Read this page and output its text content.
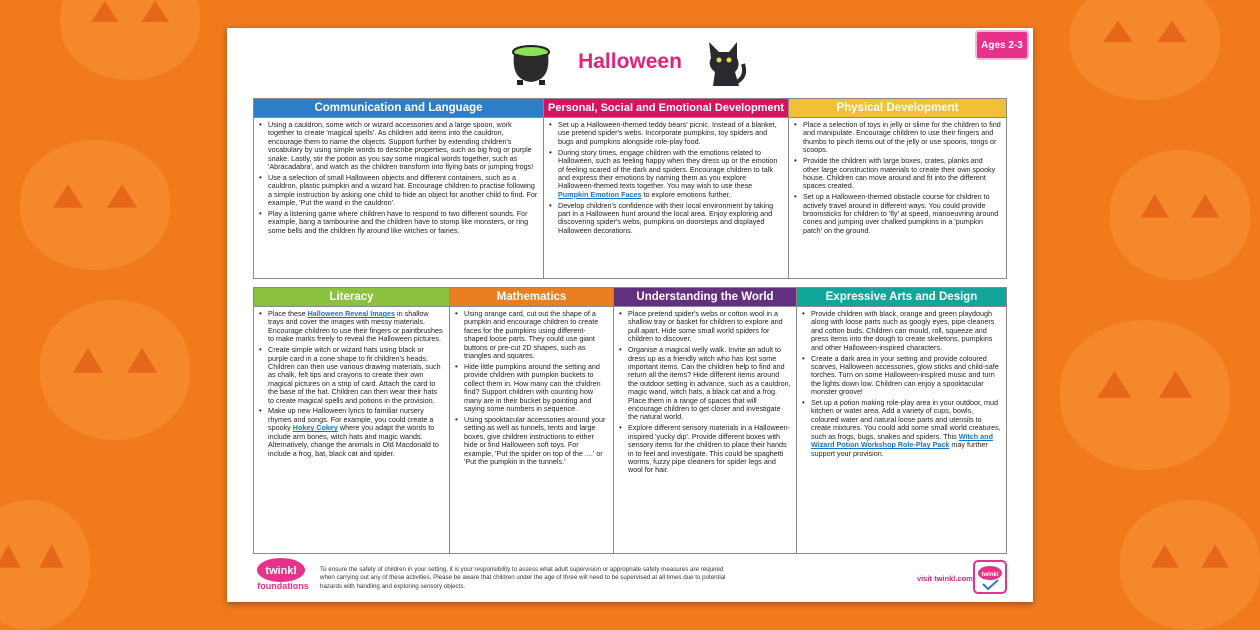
Halloween
Ages 2-3
Communication and Language
• Using a cauldron, some witch or wizard accessories and a large spoon, work together to create 'magical spells'. As children add items into the cauldron, encourage them to name the objects. Support further by extending children's vocabulary by using simple words to describe properties, such as big frog or purple snake. Lastly, stir the potion as you say some magical words together, such as 'Abracadabra', and watch as the children transform into flying bats or jumping frogs!
• Use a selection of small Halloween objects and different containers, such as a cauldron, plastic pumpkin and a wizard hat. Encourage children to practise following a simple instruction by asking one child to hide an object for another child to find. For example, 'Put the wand in the cauldron'.
• Play a listening game where children have to respond to two different sounds. For example, bang a tambourine and the children have to stomp like monsters, or ring some bells and the children fly around like witches or fairies.
Personal, Social and Emotional Development
• Set up a Halloween-themed teddy bears' picnic. Instead of a blanket, use pretend spider's webs. Incorporate pumpkins, toy spiders and bugs and pumpkins alongside role-play food.
• During story times, engage children with the emotions related to Halloween, such as feeling happy when they dress up or the emotion of feeling scared of the dark and spiders. Encourage children to talk and express their emotions by naming them as you explore Halloween-themed texts together. You may wish to use these Pumpkin Emotion Faces to explore emotions further.
• Develop children's confidence with their local environment by taking part in a Halloween hunt around the local area. Enjoy exploring and discovering spider's webs, pumpkins on doorsteps and displayed Halloween decorations.
Physical Development
• Place a selection of toys in jelly or slime for the children to find and manipulate. Encourage children to use their fingers and thumbs to pinch items out of the jelly or use spoons, tongs or scoops.
• Provide the children with large boxes, crates, planks and other large construction materials to create their own spooky house. Children can move around and fit into the different spaces created.
• Set up a Halloween-themed obstacle course for children to actively travel around in different ways. You could provide broomsticks for children to 'fly' at speed, manoeuvring around cones and jumping over chalked pumpkins in a 'pumpkin patch' on the ground.
Literacy
• Place these Halloween Reveal Images in shallow trays and cover the images with messy materials. Encourage children to use their fingers or paintbrushes to make marks freely to reveal the Halloween pictures.
• Create simple witch or wizard hats using black or purple card in a cone shape to fit children's heads. Children can then use various drawing materials, such as chalk, felt tips and crayons to create their own magical pictures on a strip of card. Attach the card to the base of the hat. Children can then wear their hats to create magical spells and potions in the provision.
• Make up new Halloween lyrics to familiar nursery rhymes and songs. For example, you could create a spooky Hokey Cokey where you adapt the words to include arm bones, witch hats and magic wands. Alternatively, change the animals in Old Macdonald to include a frog, bat, black cat and spider.
Mathematics
• Using orange card, cut out the shape of a pumpkin and encourage children to create faces for the pumpkins using different-shaped loose parts. They could use giant buttons or pre-cut 2D shapes, such as triangles and squares.
• Hide little pumpkins around the setting and provide children with pumpkin buckets to collect them in. How many can the children find? Support children with counting how many are in their bucket by pointing and saying some numbers in sequence.
• Using spooktacular accessories around your setting as well as tunnels, tents and large boxes, give children instructions to either hide or find Halloween soft toys. For example, 'Put the spider on top of the ....' or 'Put the pumpkin in the tunnels.'
Understanding the World
• Place pretend spider's webs or cotton wool in a shallow tray or basket for children to explore and pull apart. Hide some small world spiders for children to discover.
• Organise a magical welly walk. Invite an adult to dress up as a friendly witch who has lost some important items. Can the children help to find and return all the items? Hide different items around the outdoor setting in advance, such as a cauldron, magic wand, witch hats, a black cat and a frog. Place them in a range of spaces that will encourage children to get closer and investigate the natural world.
• Explore different sensory materials in a Halloween-inspired 'yucky dip'. Provide different boxes with sensory items for the children to place their hands in to feel and investigate. This could be spaghetti worms, fuzzy pipe cleaners for spider legs and wool for hair.
Expressive Arts and Design
• Provide children with black, orange and green playdough along with loose parts such as googly eyes, pipe cleaners and cotton buds. Children can mould, roll, squeeze and press items into the dough to create skeletons, pumpkins and other Halloween-inspired characters.
• Create a dark area in your setting and provide coloured scarves, Halloween accessories, glow sticks and child-safe torches. Turn on some Halloween-inspired music and turn the lights down low. Children can enjoy a spooktacular monster groove!
• Set up a potion making role-play area in your outdoor, mud kitchen or water area. Add a variety of cups, bowls, coloured water and natural loose parts and utensils to create mixtures. You could add some small world creatures, such as frogs, bugs, snakes and spiders. This Witch and Wizard Potion Workshop Role-Play Pack may further support your provision.
twinkl
foundations
To ensure the safety of children in your setting, it is your responsibility to assess what adult supervision or appropriate safety measures are required when carrying out any of these activities. Please be aware that children under the age of three will need to be supervised at all times due to potential hazards with handling and exploring sensory objects.
visit twinkl.com twinkl
